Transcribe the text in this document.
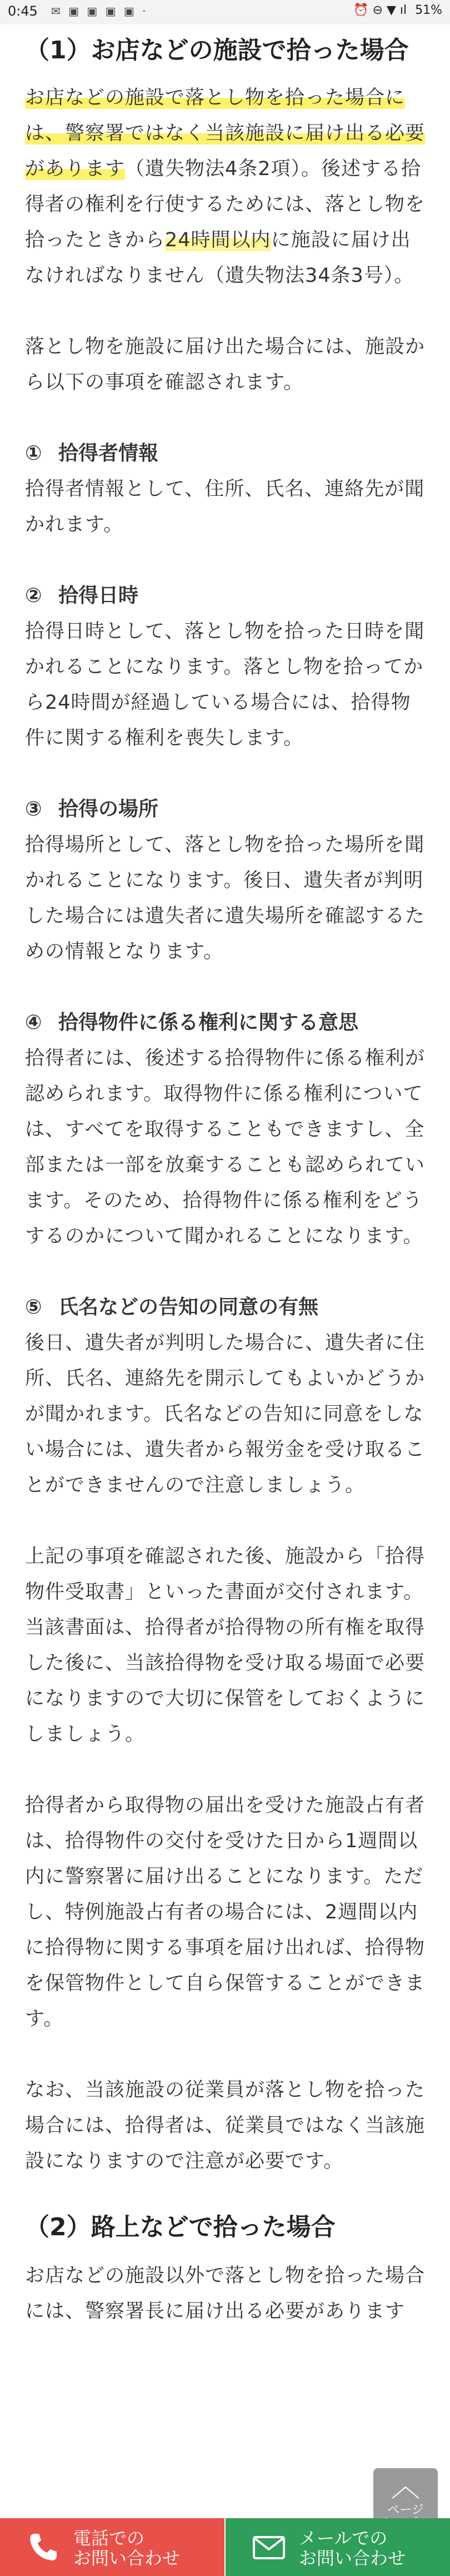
0:45 ✉ ▣ ▣ ▣ ▣ ·	⏰ ⊖ ▼ ıl 51%
（1）お店などの施設で拾った場合

お店などの施設で落とし物を拾った場合には、警察署ではなく当該施設に届け出る必要があります（遺失物法4条2項）。後述する拾得者の権利を行使するためには、落とし物を拾ったときから24時間以内に施設に届け出なければなりません（遺失物法34条3号）。

落とし物を施設に届け出た場合には、施設から以下の事項を確認されます。

① 拾得者情報

拾得者情報として、住所、氏名、連絡先が聞かれます。

② 拾得日時

拾得日時として、落とし物を拾った日時を聞かれることになります。落とし物を拾ってから24時間が経過している場合には、拾得物件に関する権利を喪失します。

③ 拾得の場所

拾得場所として、落とし物を拾った場所を聞かれることになります。後日、遺失者が判明した場合には遺失者に遺失場所を確認するための情報となります。

④ 拾得物件に係る権利に関する意思

拾得者には、後述する拾得物件に係る権利が認められます。取得物件に係る権利については、すべてを取得することもできますし、全部または一部を放棄することも認められています。そのため、拾得物件に係る権利をどうするのかについて聞かれることになります。

⑤ 氏名などの告知の同意の有無

後日、遺失者が判明した場合に、遺失者に住所、氏名、連絡先を開示してもよいかどうかが聞かれます。氏名などの告知に同意をしない場合には、遺失者から報労金を受け取ることができませんので注意しましょう。

上記の事項を確認された後、施設から「拾得物件受取書」といった書面が交付されます。当該書面は、拾得者が拾得物の所有権を取得した後に、当該拾得物を受け取る場面で必要になりますので大切に保管をしておくようにしましょう。

拾得者から取得物の届出を受けた施設占有者は、拾得物件の交付を受けた日から1週間以内に警察署に届け出ることになります。ただし、特例施設占有者の場合には、2週間以内に拾得物に関する事項を届け出れば、拾得物を保管物件として自ら保管することができます。

なお、当該施設の従業員が落とし物を拾った場合には、拾得者は、従業員ではなく当該施設になりますので注意が必要です。

（2）路上などで拾った場合

お店などの施設以外で落とし物を拾った場合には、警察署長に届け出る必要があります

︿
ページ
電話での
お問い合わせ
メールでの
お問い合わせ
